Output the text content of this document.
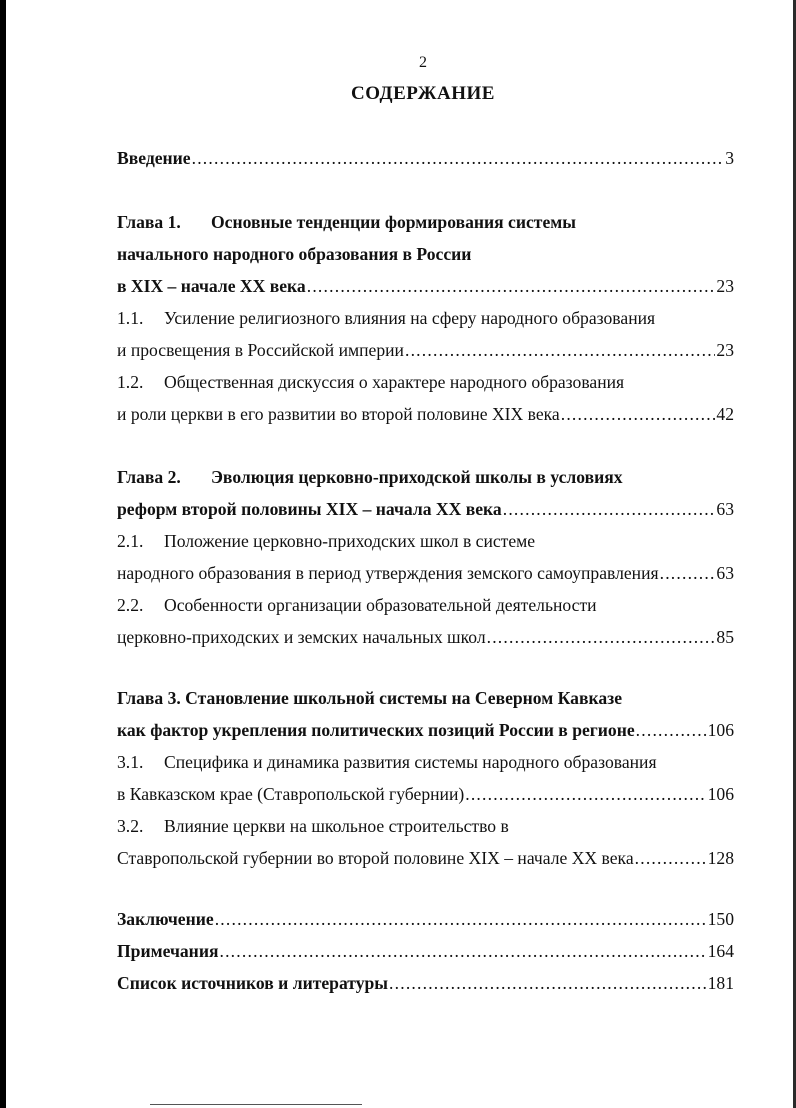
2
СОДЕРЖАНИЕ
Введение . . .	3
Глава 1. Основные тенденции формирования системы
начального народного образования в России
в XIX – начале XX века . . .	23
1.1. Усиление религиозного влияния на сферу народного образования
и просвещения в Российской империи . . .	23
1.2. Общественная дискуссия о характере народного образования
и роли церкви в его развитии во второй половине XIX века . . .	42
Глава 2. Эволюция церковно-приходской школы в условиях
реформ второй половины XIX – начала XX века . . .	63
2.1. Положение церковно-приходских школ в системе
народного образования в период утверждения земского самоуправления . . .	63
2.2. Особенности организации образовательной деятельности
церковно-приходских и земских начальных школ . . .	85
Глава 3. Становление школьной системы на Северном Кавказе
как фактор укрепления политических позиций России в регионе . . .	106
3.1. Специфика и динамика развития системы народного образования
в Кавказском крае (Ставропольской губернии) . . .	106
3.2. Влияние церкви на школьное строительство в
Ставропольской губернии во второй половине XIX – начале XX века . . .	128
Заключение . . .	150
Примечания . . .	164
Список источников и литературы . . .	181
